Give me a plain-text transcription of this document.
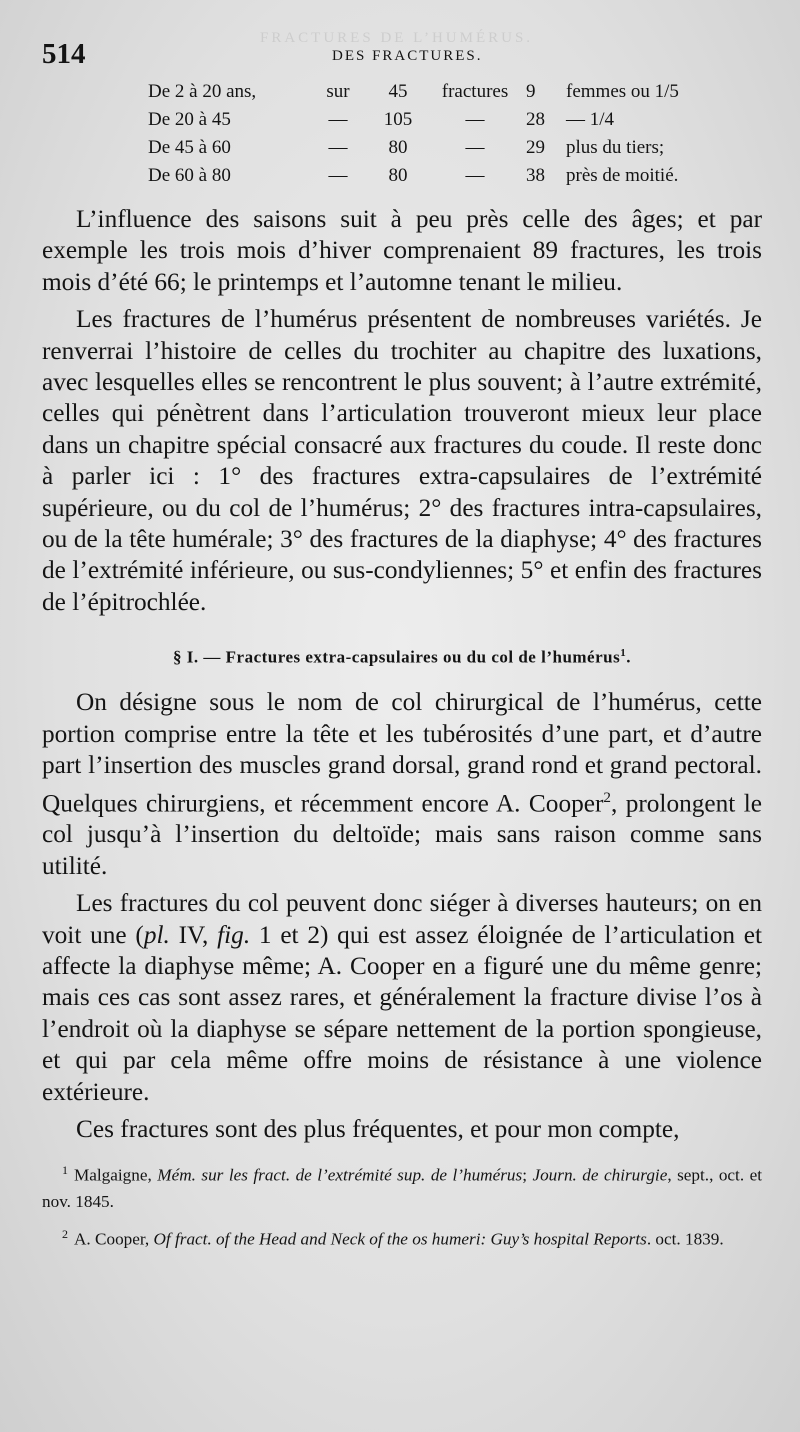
FRACTURES DE L’HUMÉRUS.
514	DES FRACTURES.
De 2 à 20 ans,	sur	45	fractures	9	femmes ou 1/5
De 20 à 45	—	105	—	28	— 1/4
De 45 à 60	—	80	—	29	plus du tiers;
De 60 à 80	—	80	—	38	près de moitié.

L’influence des saisons suit à peu près celle des âges; et par exemple les trois mois d’hiver comprenaient 89 fractures, les trois mois d’été 66; le printemps et l’automne tenant le milieu.

Les fractures de l’humérus présentent de nombreuses variétés. Je renverrai l’histoire de celles du trochiter au chapitre des luxations, avec lesquelles elles se rencontrent le plus souvent; à l’autre extrémité, celles qui pénètrent dans l’articulation trouveront mieux leur place dans un chapitre spécial consacré aux fractures du coude. Il reste donc à parler ici : 1° des fractures extra-capsulaires de l’extrémité supérieure, ou du col de l’humérus; 2° des fractures intra-capsulaires, ou de la tête humérale; 3° des fractures de la diaphyse; 4° des fractures de l’extrémité inférieure, ou sus-condyliennes; 5° et enfin des fractures de l’épitrochlée.

§ I. — Fractures extra-capsulaires ou du col de l’humérus$^1$.

On désigne sous le nom de col chirurgical de l’humérus, cette portion comprise entre la tête et les tubérosités d’une part, et d’autre part l’insertion des muscles grand dorsal, grand rond et grand pectoral. Quelques chirurgiens, et récemment encore A. Cooper$^2$, prolongent le col jusqu’à l’insertion du deltoïde; mais sans raison comme sans utilité.

Les fractures du col peuvent donc siéger à diverses hauteurs; on en voit une (pl. IV, fig. 1 et 2) qui est assez éloignée de l’articulation et affecte la diaphyse même; A. Cooper en a figuré une du même genre; mais ces cas sont assez rares, et généralement la fracture divise l’os à l’endroit où la diaphyse se sépare nettement de la portion spongieuse, et qui par cela même offre moins de résistance à une violence extérieure.

Ces fractures sont des plus fréquentes, et pour mon compte,

$^1$ Malgaigne, Mém. sur les fract. de l’extrémité sup. de l’humérus; Journ. de chirurgie, sept., oct. et nov. 1845.

$^2$ A. Cooper, Of fract. of the Head and Neck of the os humeri: Guy’s hospital Reports. oct. 1839.
